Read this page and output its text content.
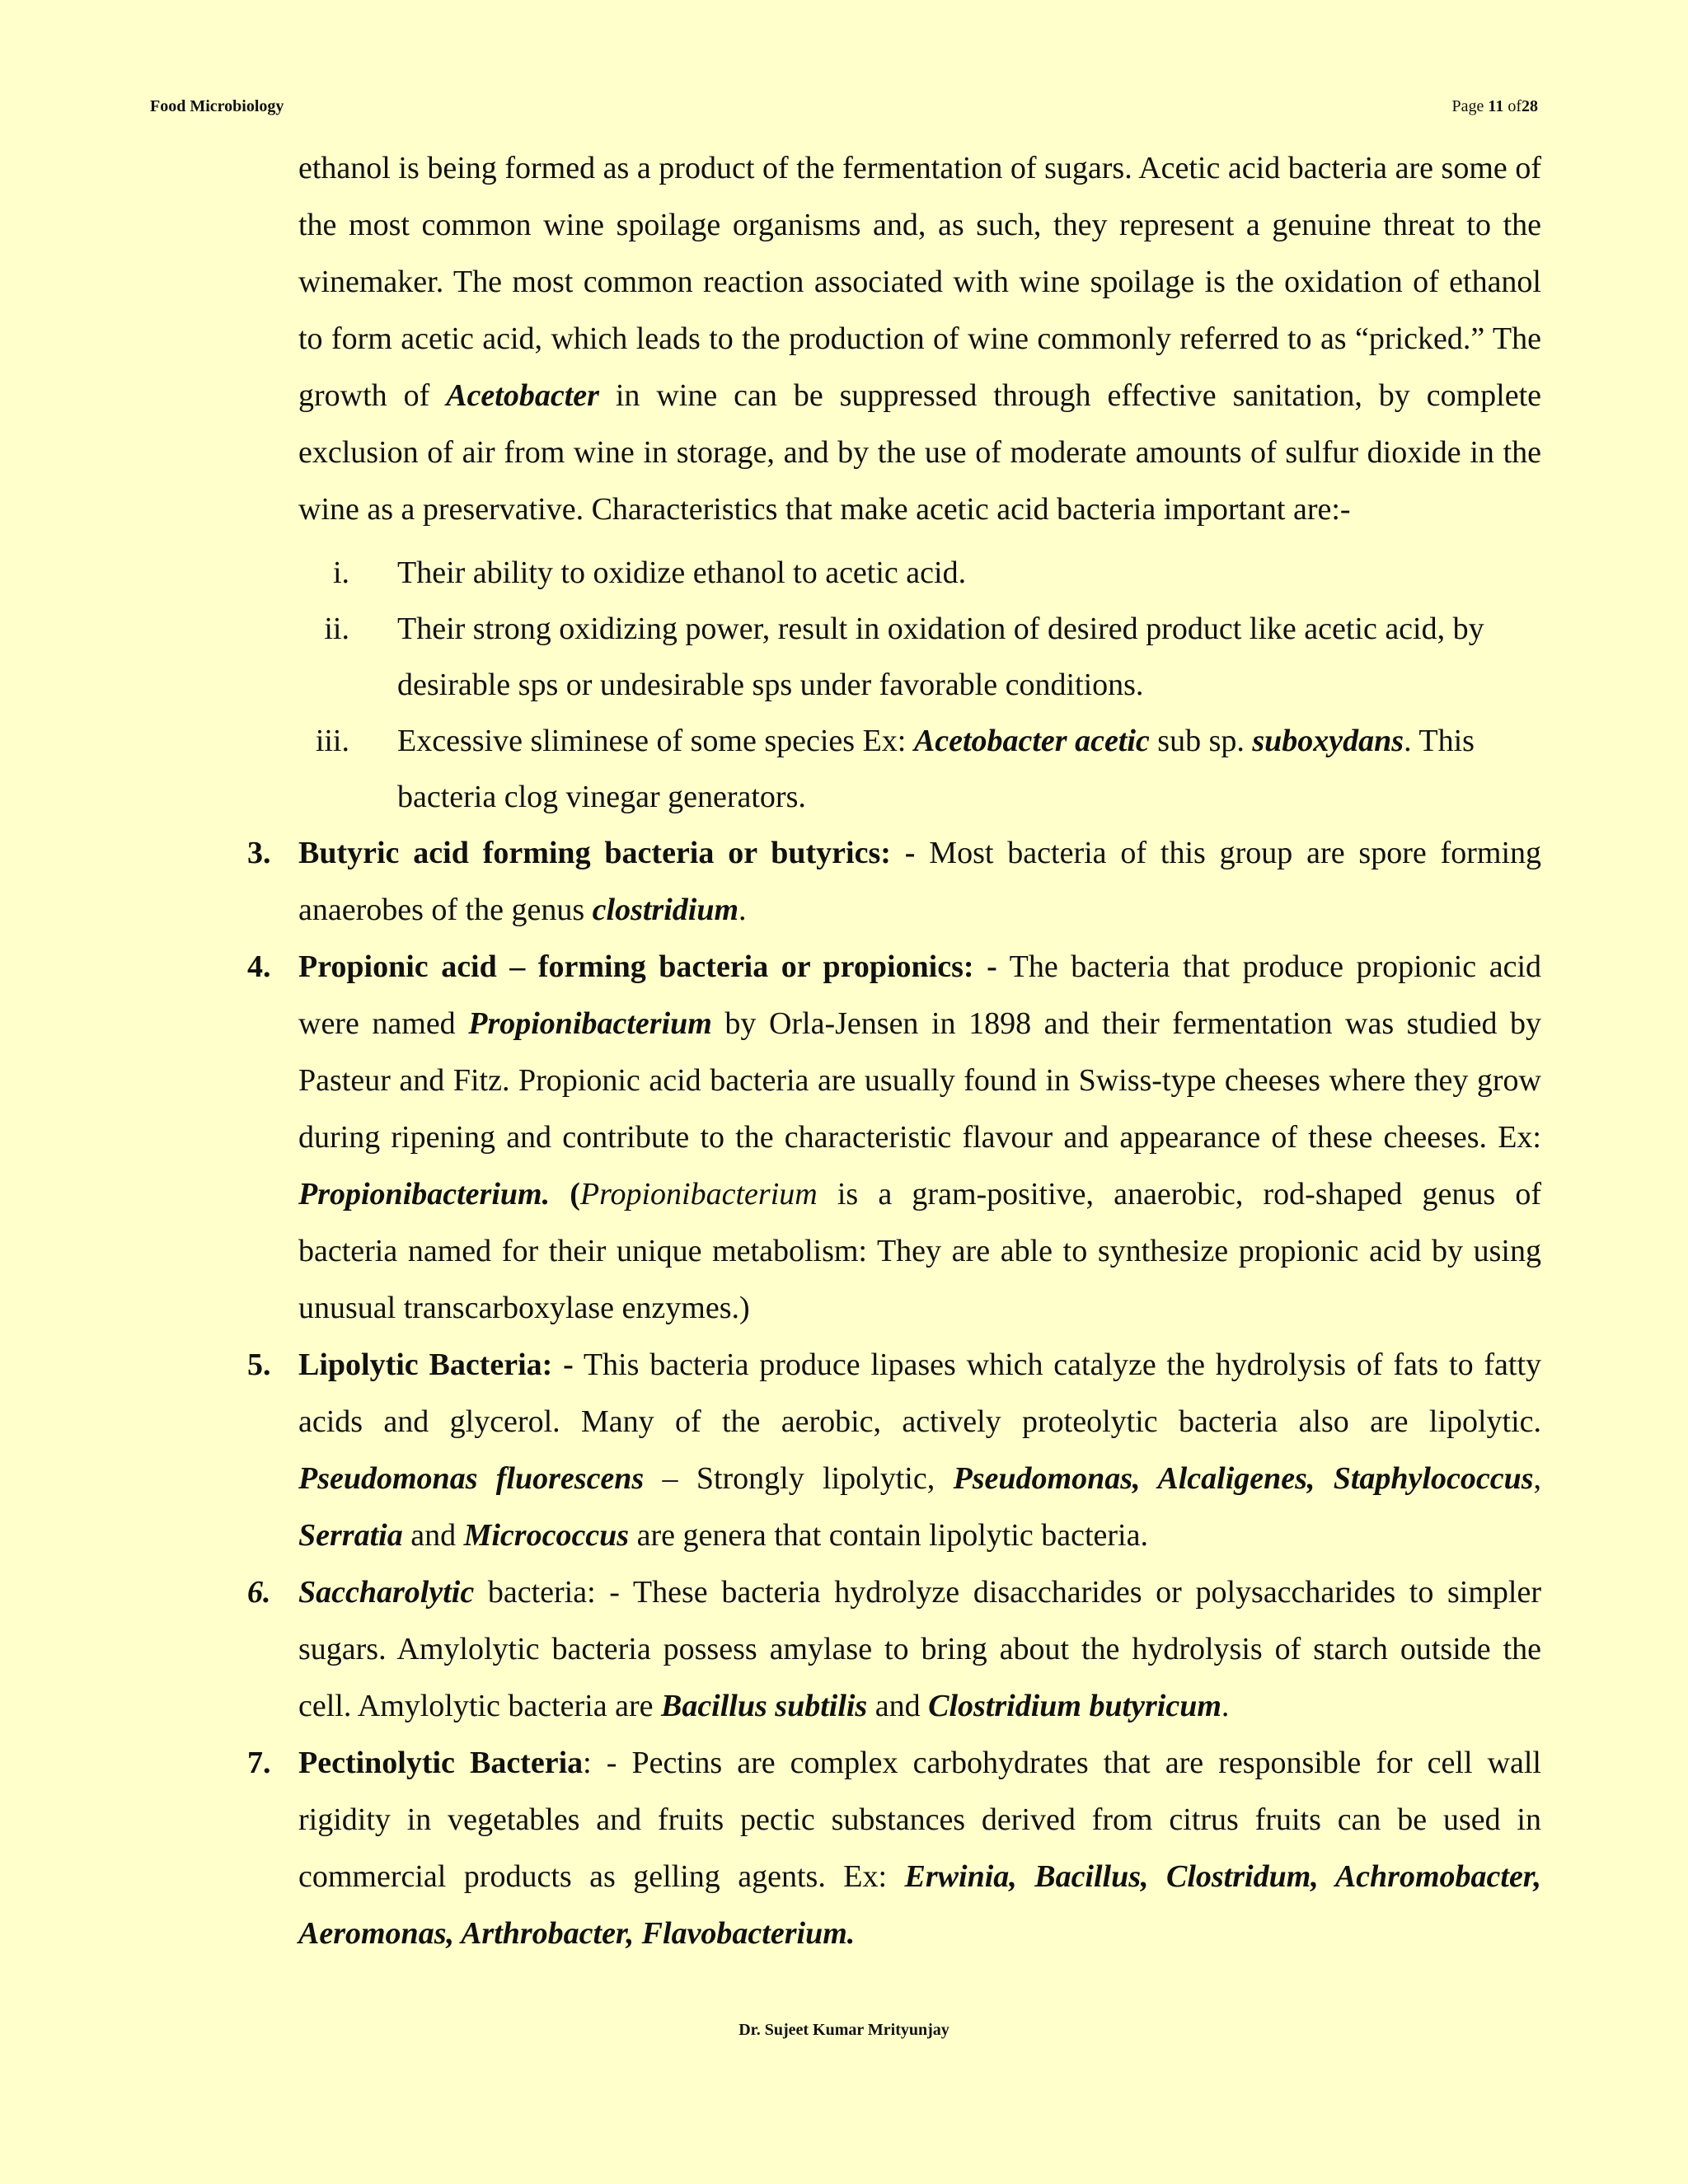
Food Microbiology	Page 11 of28

ethanol is being formed as a product of the fermentation of sugars. Acetic acid bacteria are some of the most common wine spoilage organisms and, as such, they represent a genuine threat to the winemaker. The most common reaction associated with wine spoilage is the oxidation of ethanol to form acetic acid, which leads to the production of wine commonly referred to as “pricked.” The growth of Acetobacter in wine can be suppressed through effective sanitation, by complete exclusion of air from wine in storage, and by the use of moderate amounts of sulfur dioxide in the wine as a preservative. Characteristics that make acetic acid bacteria important are:-

i. Their ability to oxidize ethanol to acetic acid.
ii. Their strong oxidizing power, result in oxidation of desired product like acetic acid, by desirable sps or undesirable sps under favorable conditions.
iii. Excessive sliminese of some species Ex: Acetobacter acetic sub sp. suboxydans. This bacteria clog vinegar generators.
3. Butyric acid forming bacteria or butyrics: - Most bacteria of this group are spore forming anaerobes of the genus clostridium.
4. Propionic acid – forming bacteria or propionics: - The bacteria that produce propionic acid were named Propionibacterium by Orla-Jensen in 1898 and their fermentation was studied by Pasteur and Fitz. Propionic acid bacteria are usually found in Swiss-type cheeses where they grow during ripening and contribute to the characteristic flavour and appearance of these cheeses. Ex: Propionibacterium. (Propionibacterium is a gram-positive, anaerobic, rod-shaped genus of bacteria named for their unique metabolism: They are able to synthesize propionic acid by using unusual transcarboxylase enzymes.)
5. Lipolytic Bacteria: - This bacteria produce lipases which catalyze the hydrolysis of fats to fatty acids and glycerol. Many of the aerobic, actively proteolytic bacteria also are lipolytic. Pseudomonas fluorescens – Strongly lipolytic, Pseudomonas, Alcaligenes, Staphylococcus, Serratia and Micrococcus are genera that contain lipolytic bacteria.
6. Saccharolytic bacteria: - These bacteria hydrolyze disaccharides or polysaccharides to simpler sugars. Amylolytic bacteria possess amylase to bring about the hydrolysis of starch outside the cell. Amylolytic bacteria are Bacillus subtilis and Clostridium butyricum.
7. Pectinolytic Bacteria: - Pectins are complex carbohydrates that are responsible for cell wall rigidity in vegetables and fruits pectic substances derived from citrus fruits can be used in commercial products as gelling agents. Ex: Erwinia, Bacillus, Clostridum, Achromobacter, Aeromonas, Arthrobacter, Flavobacterium.
Dr. Sujeet Kumar Mrityunjay
